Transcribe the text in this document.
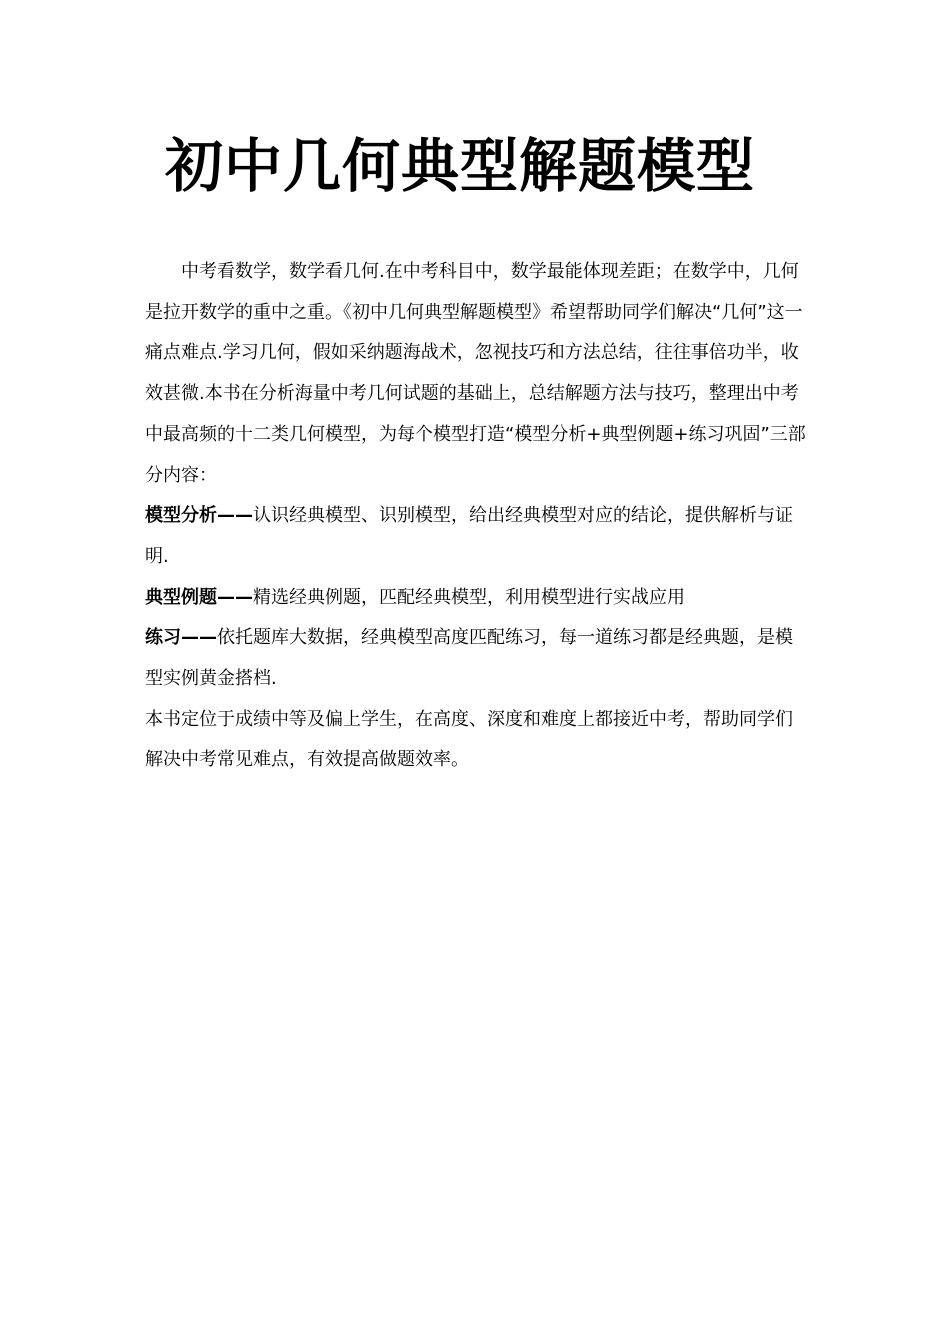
初中几何典型解题模型

中考看数学，数学看几何.在中考科目中，数学最能体现差距；在数学中，几何是拉开数学的重中之重。《初中几何典型解题模型》希望帮助同学们解决“几何”这一痛点难点.学习几何，假如采纳题海战术，忽视技巧和方法总结，往往事倍功半，收效甚微.本书在分析海量中考几何试题的基础上，总结解题方法与技巧，整理出中考中最高频的十二类几何模型，为每个模型打造“模型分析+典型例题+练习巩固”三部分内容：

模型分析——认识经典模型、识别模型，给出经典模型对应的结论，提供解析与证明.

典型例题——精选经典例题，匹配经典模型，利用模型进行实战应用

练习——依托题库大数据，经典模型高度匹配练习，每一道练习都是经典题，是模型实例黄金搭档.

本书定位于成绩中等及偏上学生，在高度、深度和难度上都接近中考，帮助同学们解决中考常见难点，有效提高做题效率。
